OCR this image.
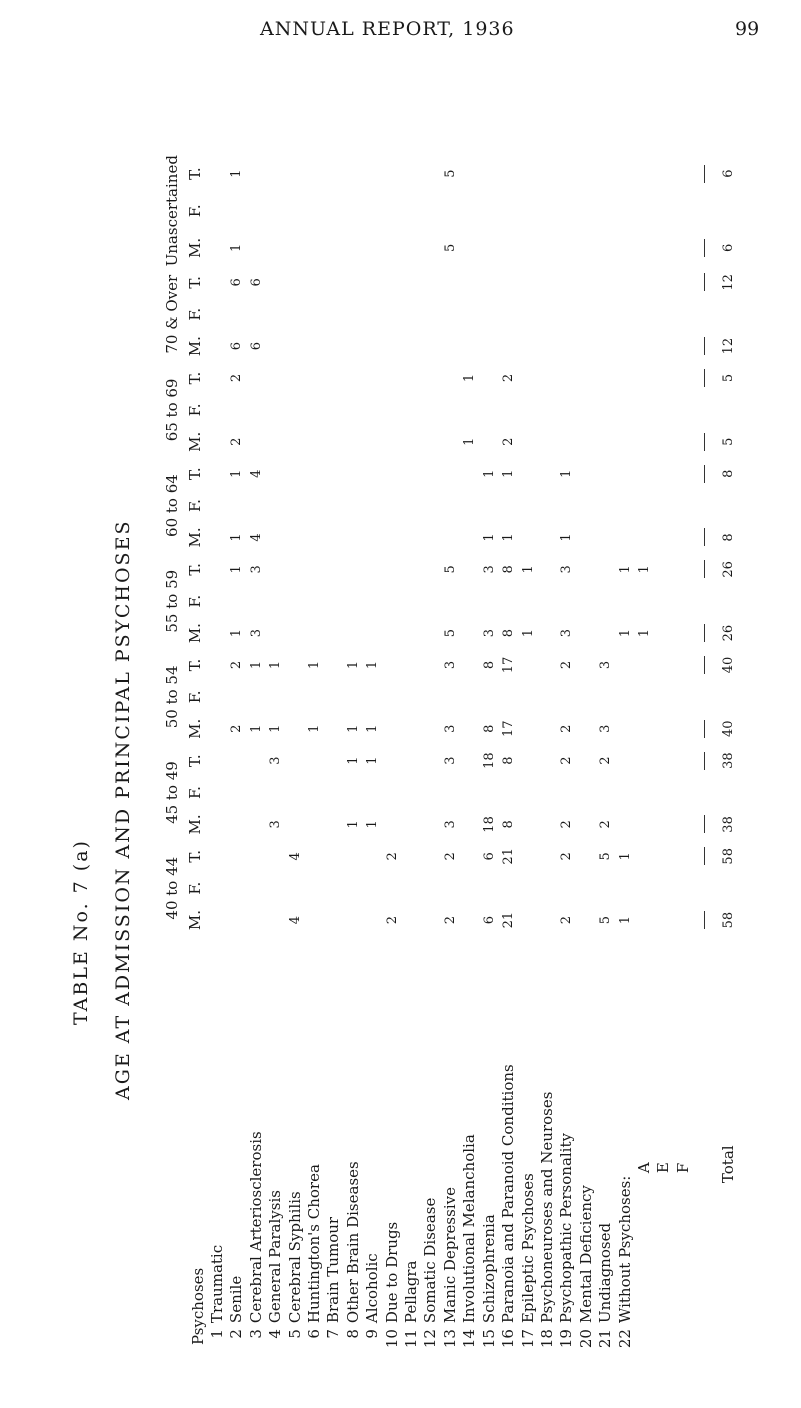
ANNUAL REPORT, 1936	99
TABLE No. 7 (a) AGE AT ADMISSION AND PRINCIPAL PSYCHOSES
Psychoses		40 to 44			45 to 49			50 to 54			55 to 59			60 to 64			65 to 69			70 & Over			Unascertained		
		M.	F.	T.	M.	F.	T.	M.	F.	T.	M.	F.	T.	M.	F.	T.	M.	F.	T.	M.	F.	T.	M.	F.	T.
1	Traumatic																								
2	Senile							2		2	1		1	1		1	2		2	6		6	1		1
3	Cerebral Arteriosclerosis							1		1	3		3	4		4				6		6			
4	General Paralysis				3		3	1		1															
5	Cerebral Syphilis	4		4																					
6	Huntington's Chorea							1		1															
7	Brain Tumour																								
8	Other Brain Diseases				1		1	1		1															
9	Alcoholic				1		1	1		1															
10	Due to Drugs	2		2																					
11	Pellagra																								
12	Somatic Disease																								
13	Manic Depressive	2		2	3		3	3		3	5		5										5		5
14	Involutional Melancholia																1		1						
15	Schizophrenia	6		6	18		18	8		8	3		3	1		1									
16	Paranoia and Paranoid Conditions	21		21	8		8	17		17	8		8	1		1	2		2						
17	Epileptic Psychoses										1		1												
18	Psychoneuroses and Neuroses																								
19	Psychopathic Personality	2		2	2		2	2		2	3		3	1		1									
20	Mental Deficiency																								
21	Undiagnosed	5		5	2		2	3		3															
22	Without Psychoses:	1		1							1		1												
	A										1		1												
	E																								
	F																								

	Total	58		58	38		38	40		40	26		26	8		8	5		5	12		12	6		6
